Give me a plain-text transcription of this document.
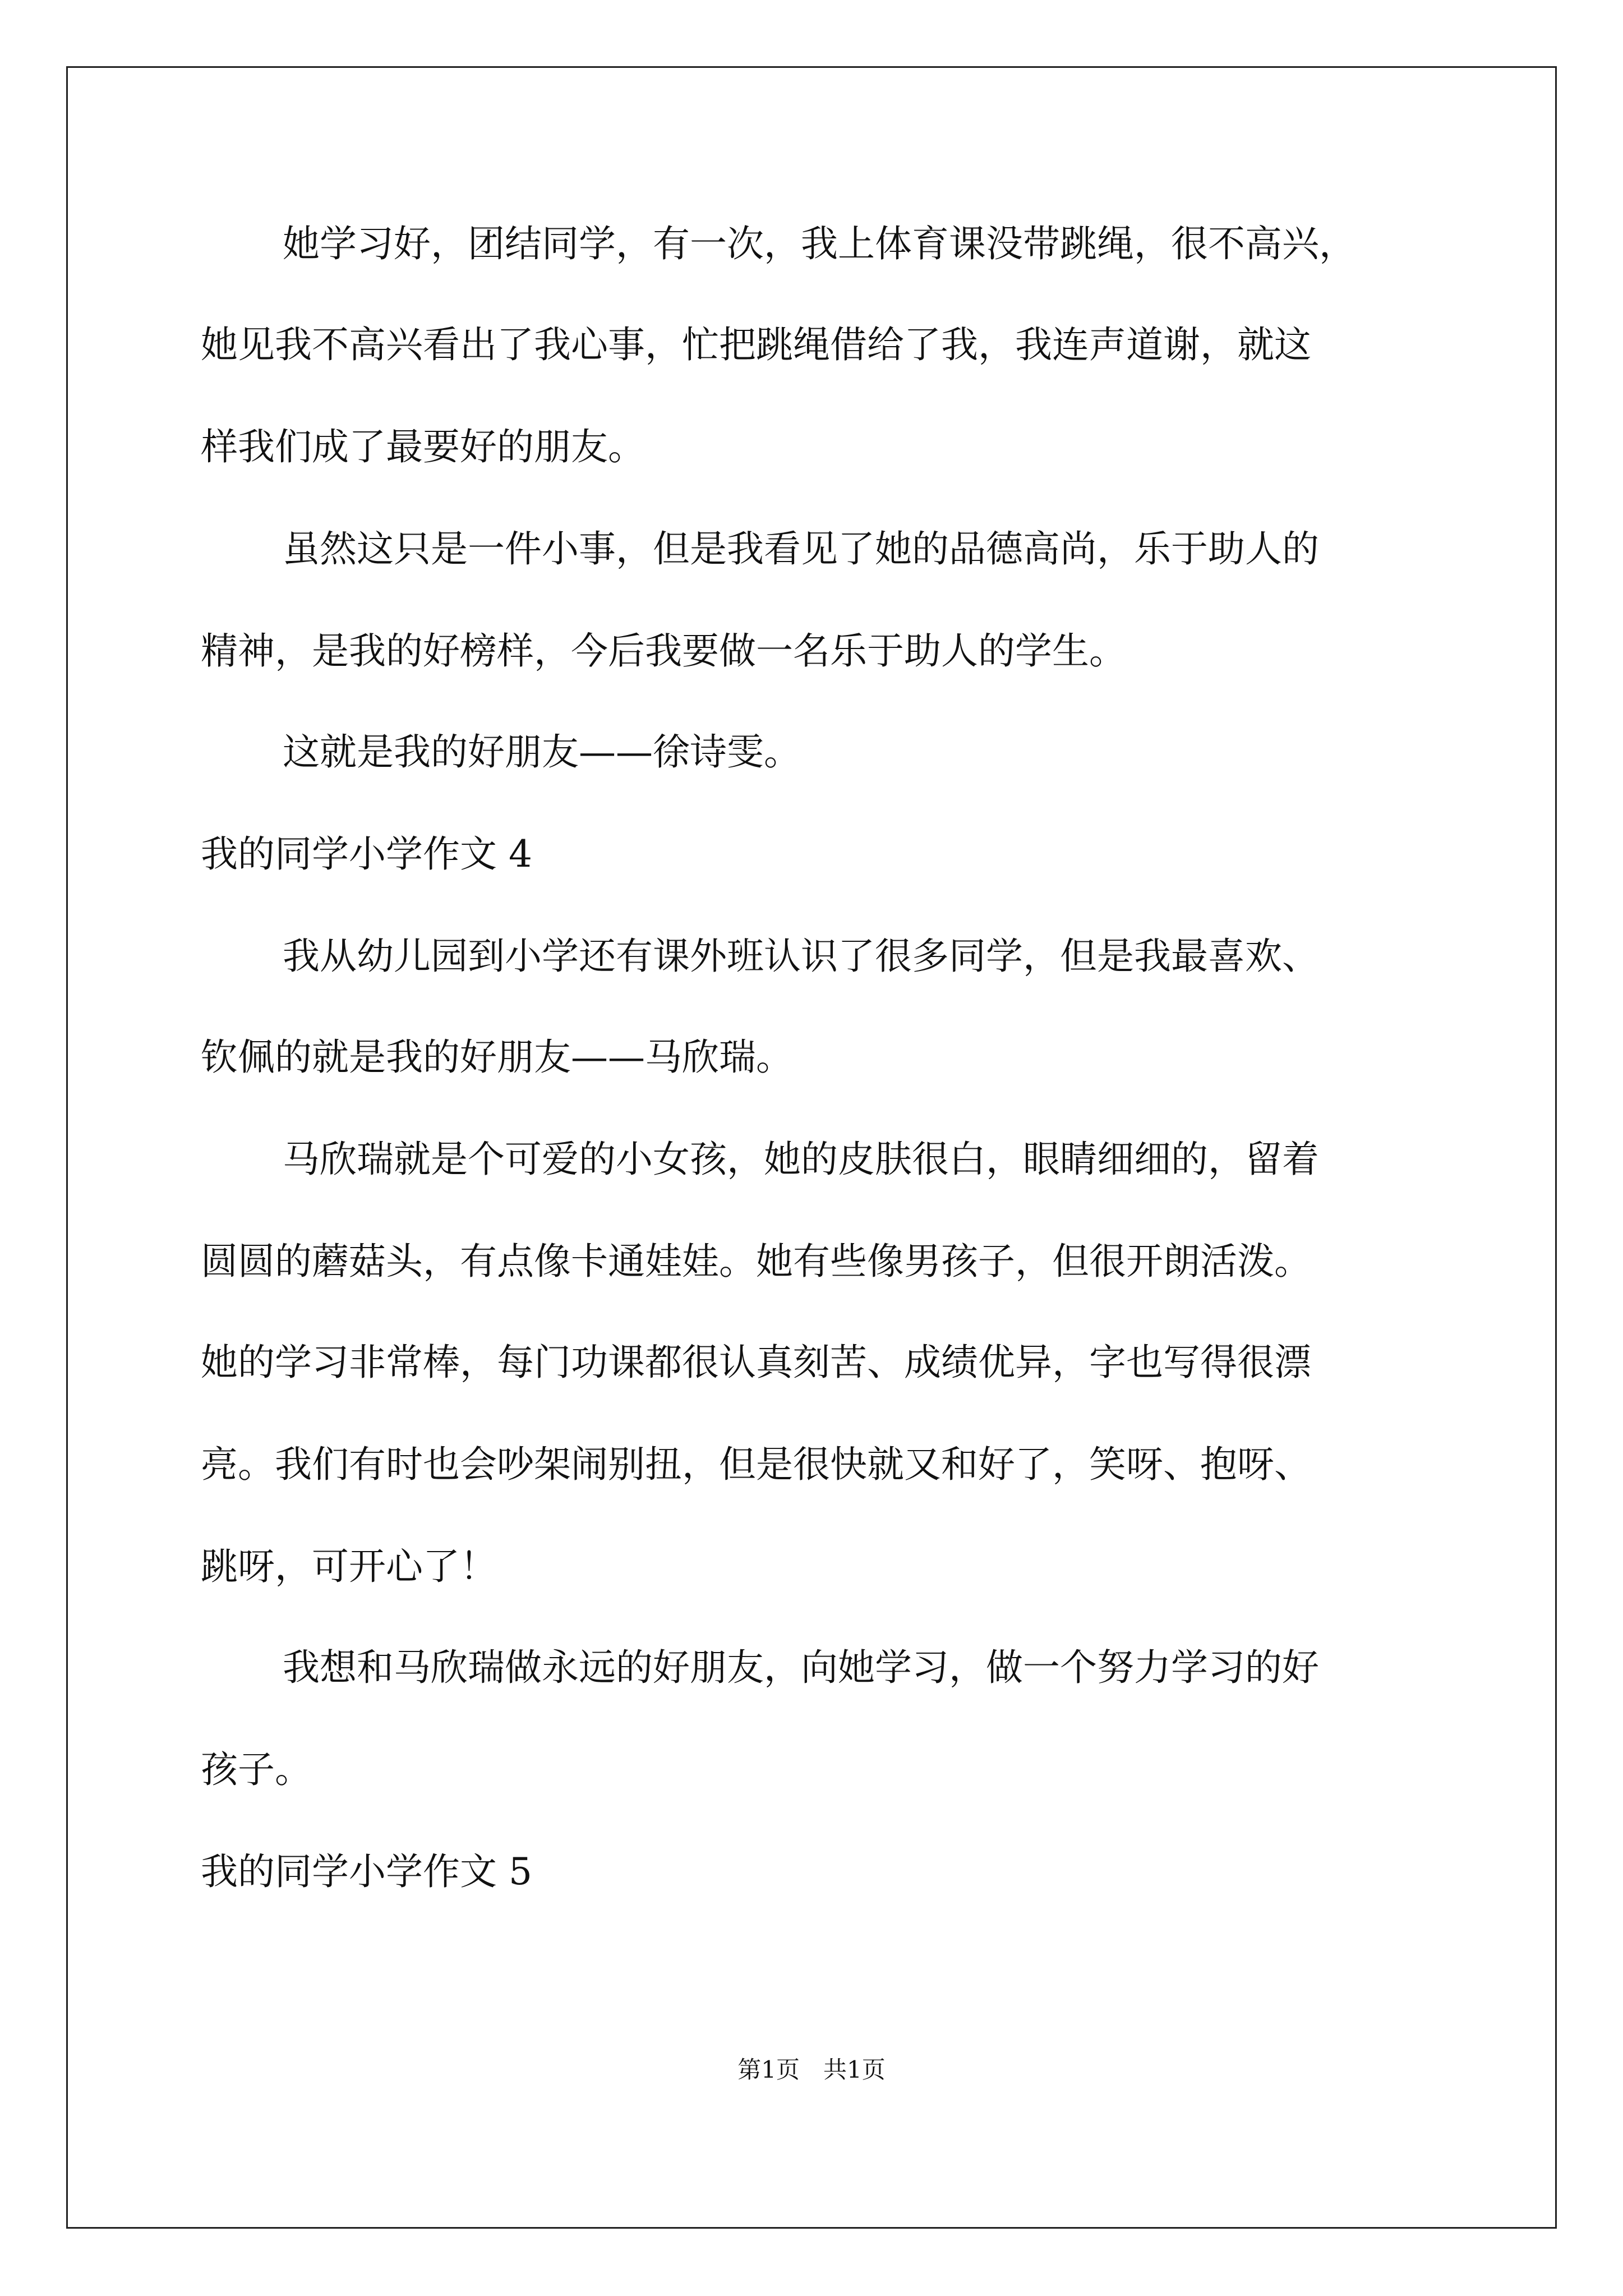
她学习好，团结同学，有一次，我上体育课没带跳绳，很不高兴，
她见我不高兴看出了我心事，忙把跳绳借给了我，我连声道谢，就这
样我们成了最要好的朋友。
虽然这只是一件小事，但是我看见了她的品德高尚，乐于助人的
精神，是我的好榜样，今后我要做一名乐于助人的学生。
这就是我的好朋友——徐诗雯。
我的同学小学作文 4
我从幼儿园到小学还有课外班认识了很多同学，但是我最喜欢、
钦佩的就是我的好朋友——马欣瑞。
马欣瑞就是个可爱的小女孩，她的皮肤很白，眼睛细细的，留着
圆圆的蘑菇头，有点像卡通娃娃。她有些像男孩子，但很开朗活泼。
她的学习非常棒，每门功课都很认真刻苦、成绩优异，字也写得很漂
亮。我们有时也会吵架闹别扭，但是很快就又和好了，笑呀、抱呀、
跳呀，可开心了！
我想和马欣瑞做永远的好朋友，向她学习，做一个努力学习的好
孩子。
我的同学小学作文 5
第1页　共1页
